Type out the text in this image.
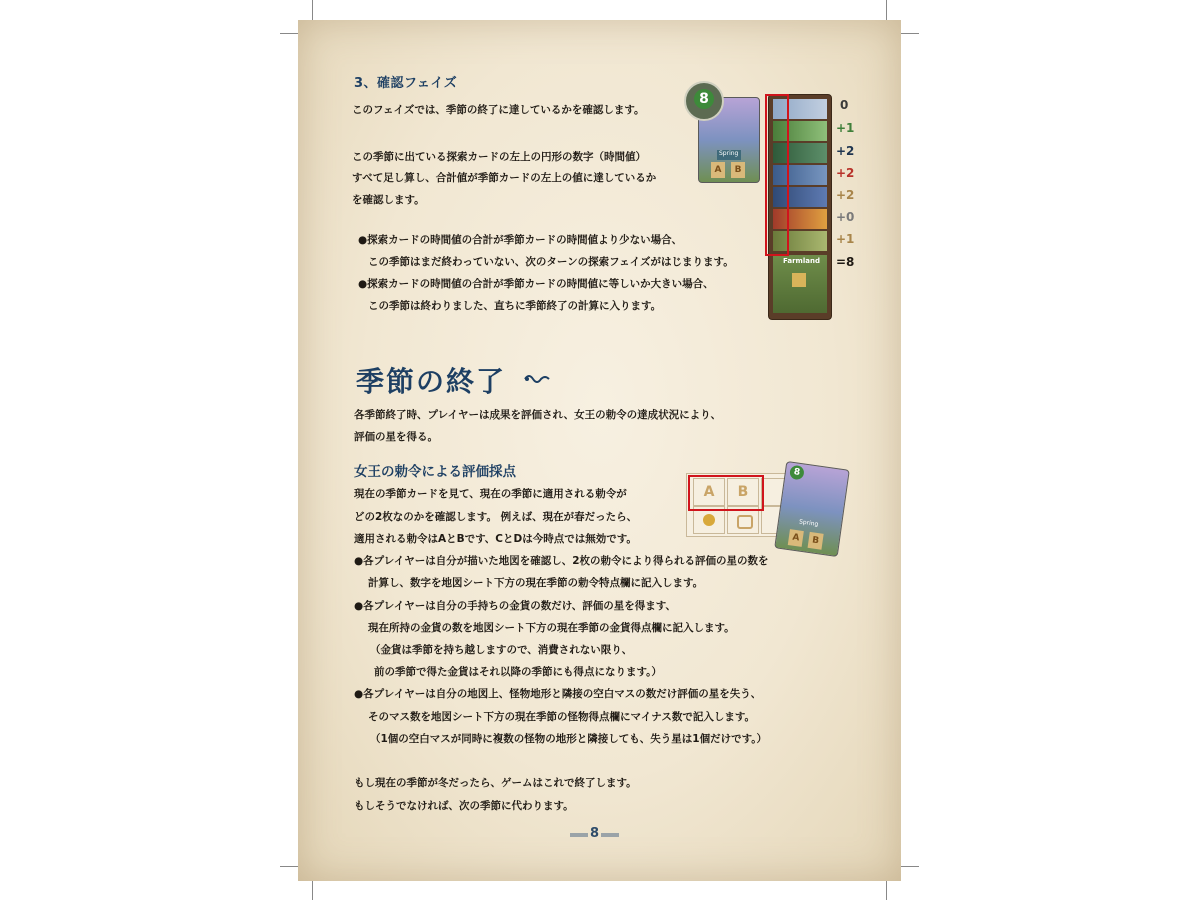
3、確認フェイズ
このフェイズでは、季節の終了に達しているかを確認します。
この季節に出ている探索カードの左上の円形の数字（時間値）
すべて足し算し、合計値が季節カードの左上の値に達しているか
を確認します。
●探索カードの時間値の合計が季節カードの時間値より少ない場合、
この季節はまだ終わっていない、次のターンの探索フェイズがはじまります。
●探索カードの時間値の合計が季節カードの時間値に等しいか大きい場合、
この季節は終わりました、直ちに季節終了の計算に入ります。
Spring
A	B
8
Farmland
0
+1
+2
+2
+2
+0
+1
=8
季節の終了
各季節終了時、プレイヤーは成果を評価され、女王の勅令の達成状況により、
評価の星を得る。
女王の勅令による評価採点
現在の季節カードを見て、現在の季節に適用される勅令が
どの2枚なのかを確認します。 例えば、現在が春だったら、
適用される勅令はAとBです、CとDは今時点では無効です。
●各プレイヤーは自分が描いた地図を確認し、2枚の勅令により得られる評価の星の数を
計算し、数字を地図シート下方の現在季節の勅令特点欄に記入します。
●各プレイヤーは自分の手持ちの金貨の数だけ、評価の星を得ます、
現在所持の金貨の数を地図シート下方の現在季節の金貨得点欄に記入します。
（金貨は季節を持ち越しますので、消費されない限り、
前の季節で得た金貨はそれ以降の季節にも得点になります。）
●各プレイヤーは自分の地図上、怪物地形と隣接の空白マスの数だけ評価の星を失う、
そのマス数を地図シート下方の現在季節の怪物得点欄にマイナス数で記入します。
（1個の空白マスが同時に複数の怪物の地形と隣接しても、失う星は1個だけです。）
もし現在の季節が冬だったら、ゲームはこれで終了します。
もしそうでなければ、次の季節に代わります。
A	B
8
Spring
A	B
8
